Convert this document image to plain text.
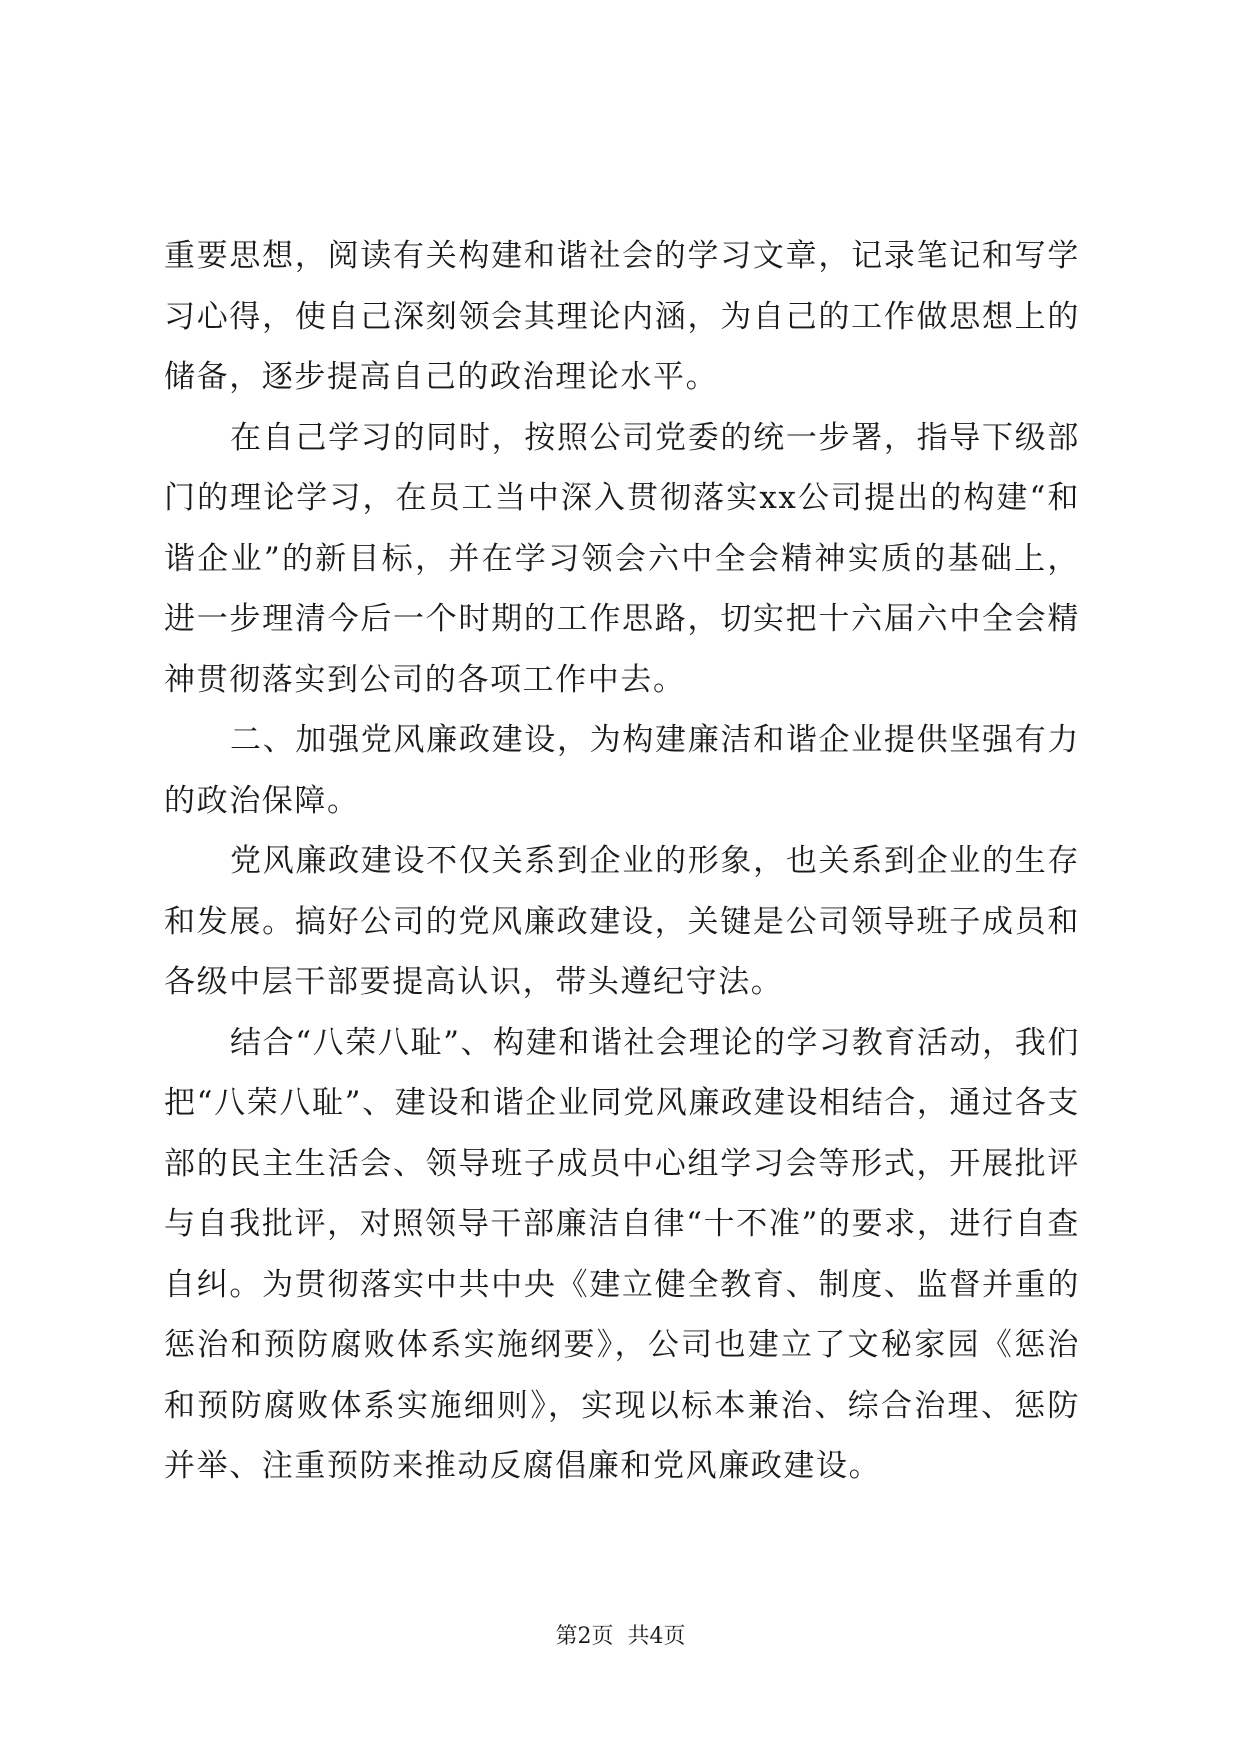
重要思想，阅读有关构建和谐社会的学习文章，记录笔记和写学习心得，使自己深刻领会其理论内涵，为自己的工作做思想上的储备，逐步提高自己的政治理论水平。

在自己学习的同时，按照公司党委的统一步署，指导下级部门的理论学习，在员工当中深入贯彻落实xx公司提出的构建“和谐企业”的新目标，并在学习领会六中全会精神实质的基础上，进一步理清今后一个时期的工作思路，切实把十六届六中全会精神贯彻落实到公司的各项工作中去。

二、加强党风廉政建设，为构建廉洁和谐企业提供坚强有力的政治保障。

党风廉政建设不仅关系到企业的形象，也关系到企业的生存和发展。搞好公司的党风廉政建设，关键是公司领导班子成员和各级中层干部要提高认识，带头遵纪守法。

结合“八荣八耻”、构建和谐社会理论的学习教育活动，我们把“八荣八耻”、建设和谐企业同党风廉政建设相结合，通过各支部的民主生活会、领导班子成员中心组学习会等形式，开展批评与自我批评，对照领导干部廉洁自律“十不准”的要求，进行自查自纠。为贯彻落实中共中央《建立健全教育、制度、监督并重的惩治和预防腐败体系实施纲要》，公司也建立了文秘家园《惩治和预防腐败体系实施细则》，实现以标本兼治、综合治理、惩防并举、注重预防来推动反腐倡廉和党风廉政建设。

第2页 共4页
